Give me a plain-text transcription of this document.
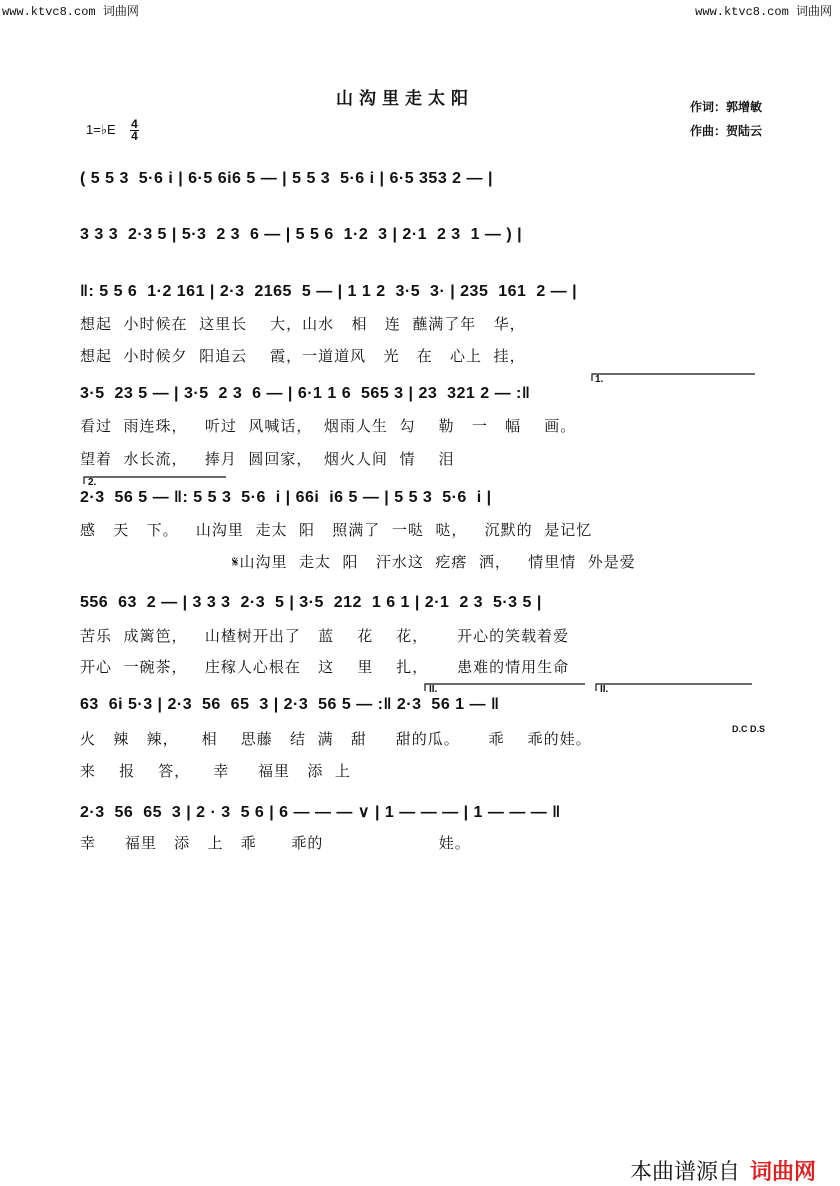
www.ktvc8.com 词曲网	www.ktvc8.com 词曲网
山沟里走太阳	作词：郭增敏
作曲：贺陆云
1=♭E 4
4
( 5 5 3  5·6 i | 6·5 6i6 5 — | 5 5 3  5·6 i | 6·5 353 2 — |
3 3 3  2·3 5 | 5·3  2 3  6 — | 5 5 6  1·2  3 | 2·1  2 3  1 — ) |
‖: 5 5 6  1·2 161 | 2·3  2165  5 — | 1 1 2  3·5  3· | 235  161  2 — |
想起  小时候在  这里长    大，山水   相   连  蘸满了年   华，
想起  小时候夕  阳追云    霞，一道道风   光   在   心上  挂，
3·5  23 5 — | 3·5  2 3  6 — | 6·1 1 6  565 3 | 23  321 2 — :‖
看过  雨连珠，   听过  风喊话，  烟雨人生  勾    勒   一   幅    画。
望着  水长流，   捧月  圆回家，  烟火人间  情    泪
2·3  56 5 — ‖: 5 5 3  5·6  i | 66i  i6 5 — | 5 5 3  5·6  i |
感   天   下。   山沟里  走太  阳   照满了  一哒  哒，   沉默的  是记忆
𝄋山沟里  走太  阳   汗水这  疙瘩  洒，   情里情  外是爱
556  63  2 — | 3 3 3  2·3  5 | 3·5  212  1 6 1 | 2·1  2 3  5·3 5 |
苦乐  成篱笆，   山楂树开出了   蓝    花    花，     开心的笑载着爱
开心  一碗茶，   庄稼人心根在   这    里    扎，     患难的情用生命
63  6i 5·3 | 2·3  56  65  3 | 2·3  56 5 — :‖ 2·3  56 1 — ‖
火   辣   辣，    相    思藤   结  满   甜     甜的瓜。     乖    乖的娃。
来    报    答，    幸     福里   添  上
D.C D.S
2·3  56  65  3 | 2 · 3  5 6 | 6 — — — ∨ | 1 — — — | 1 — — — ‖
幸     福里   添   上   乖      乖的                    娃。
1.
2.
II.	II.

本曲谱源自 词曲网
